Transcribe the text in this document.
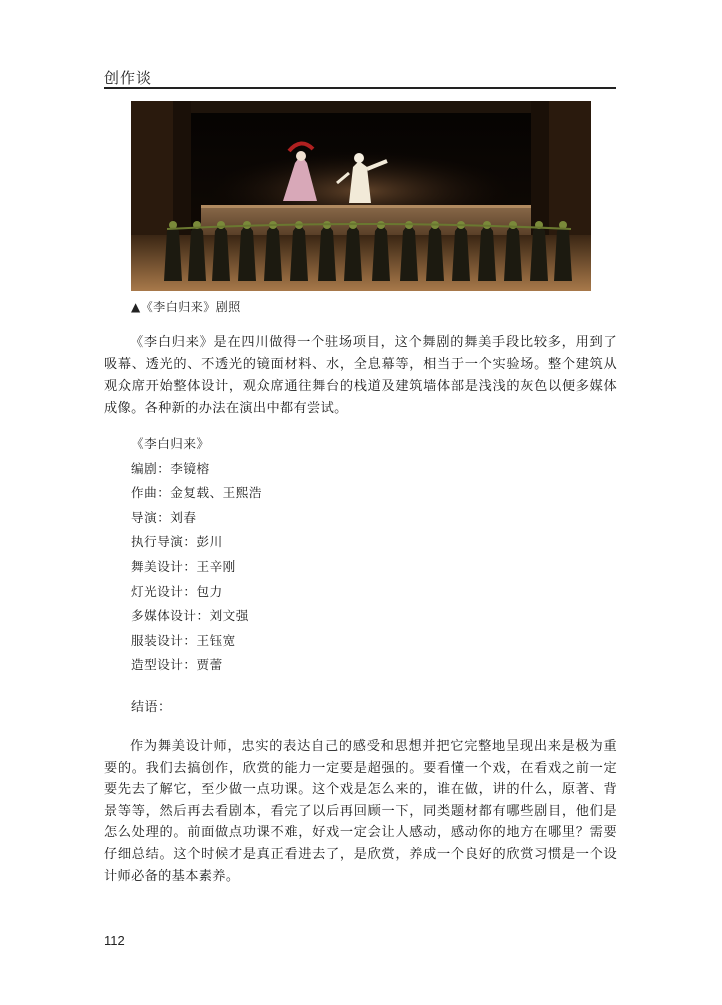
创作谈
▲《李白归来》剧照
《李白归来》是在四川做得一个驻场项目，这个舞剧的舞美手段比较多，用到了吸幕、透光的、不透光的镜面材料、水，全息幕等，相当于一个实验场。整个建筑从观众席开始整体设计，观众席通往舞台的栈道及建筑墙体部是浅浅的灰色以便多媒体成像。各种新的办法在演出中都有尝试。
《李白归来》
编剧：李镜榕
作曲：金复载、王熙浩
导演：刘春
执行导演：彭川
舞美设计：王辛刚
灯光设计：包力
多媒体设计：刘文强
服装设计：王钰宽
造型设计：贾蕾
结语：
作为舞美设计师，忠实的表达自己的感受和思想并把它完整地呈现出来是极为重要的。我们去搞创作，欣赏的能力一定要是超强的。要看懂一个戏，在看戏之前一定要先去了解它，至少做一点功课。这个戏是怎么来的，谁在做，讲的什么，原著、背景等等，然后再去看剧本，看完了以后再回顾一下，同类题材都有哪些剧目，他们是怎么处理的。前面做点功课不难，好戏一定会让人感动，感动你的地方在哪里？需要仔细总结。这个时候才是真正看进去了，是欣赏，养成一个良好的欣赏习惯是一个设计师必备的基本素养。
112
